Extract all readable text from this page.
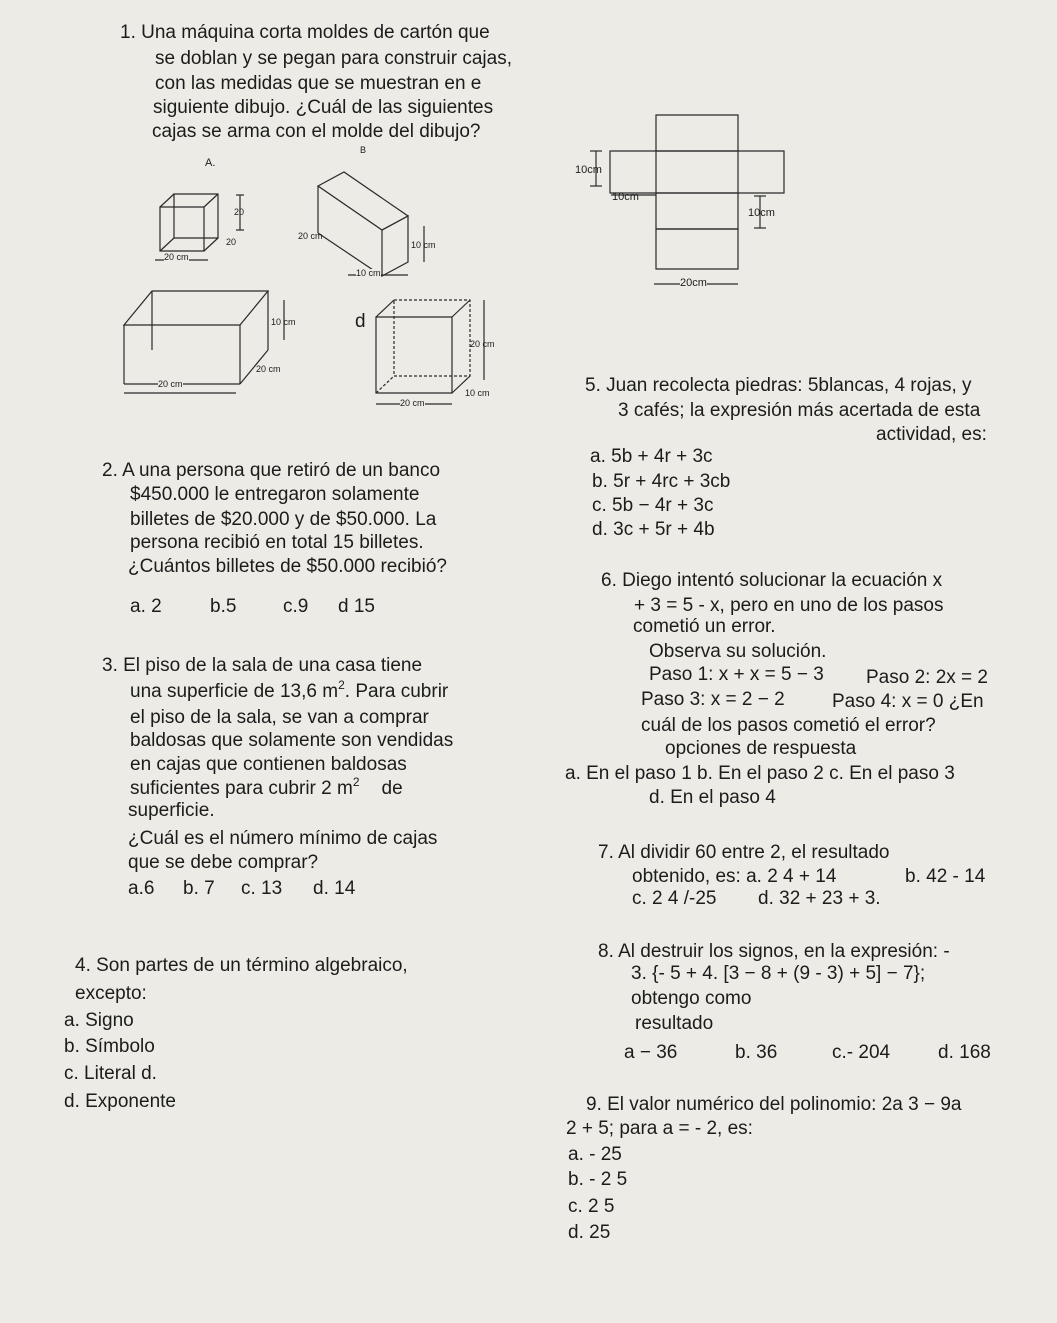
1. Una máquina corta moldes de cartón que
se doblan y se pegan para construir cajas,
con las medidas que se muestran en e
siguiente dibujo. ¿Cuál de las siguientes
cajas se arma con el molde del dibujo?
A.
B
d
20
20
20 cm
20 cm
10 cm
10 cm
10 cm
20 cm
20 cm
20 cm
10 cm
20 cm
10cm
10cm
10cm
20cm
2. A una persona que retiró de un banco
$450.000 le entregaron solamente
billetes de $20.000 y de $50.000. La
persona recibió en total 15 billetes.
¿Cuántos billetes de $50.000 recibió?
a. 2	b.5 c.9 d 15
3. El piso de la sala de una casa tiene
una superficie de 13,6 $m^2$. Para cubrir
el piso de la sala, se van a comprar
baldosas que solamente son vendidas
en cajas que contienen baldosas
suficientes para cubrir 2 $m^2$ de
superficie.
¿Cuál es el número mínimo de cajas
que se debe comprar?
a.6 b. 7 c. 13 d. 14
4. Son partes de un término algebraico,
excepto:
a. Signo
b. Símbolo
c. Literal d.
d. Exponente
5. Juan recolecta piedras: 5blancas, 4 rojas, y
3 cafés; la expresión más acertada de esta
actividad, es:
a. 5b + 4r + 3c
b. 5r + 4rc + 3cb
c. 5b − 4r + 3c
d. 3c + 5r + 4b
6. Diego intentó solucionar la ecuación x
+ 3 = 5 - x, pero en uno de los pasos
cometió un error.
Observa su solución.
Paso 1: x + x = 5 − 3 Paso 2: 2x = 2
Paso 3: x = 2 − 2 Paso 4: x = 0 ¿En
cuál de los pasos cometió el error?
opciones de respuesta
a. En el paso 1 b. En el paso 2 c. En el paso 3
d. En el paso 4
7. Al dividir 60 entre 2, el resultado
obtenido, es: a. 2 4 + 14	b. 42 - 14
c. 2 4 /-25 d. 32 + 23 + 3.
8. Al destruir los signos, en la expresión: -
3. {- 5 + 4. [3 − 8 + (9 - 3) + 5] − 7};
obtengo como
resultado
a − 36	b. 36	c.- 204	d. 168
9. El valor numérico del polinomio: 2a 3 − 9a
2 + 5; para a = - 2, es:
a. - 25
b. - 2 5
c. 2 5
d. 25
